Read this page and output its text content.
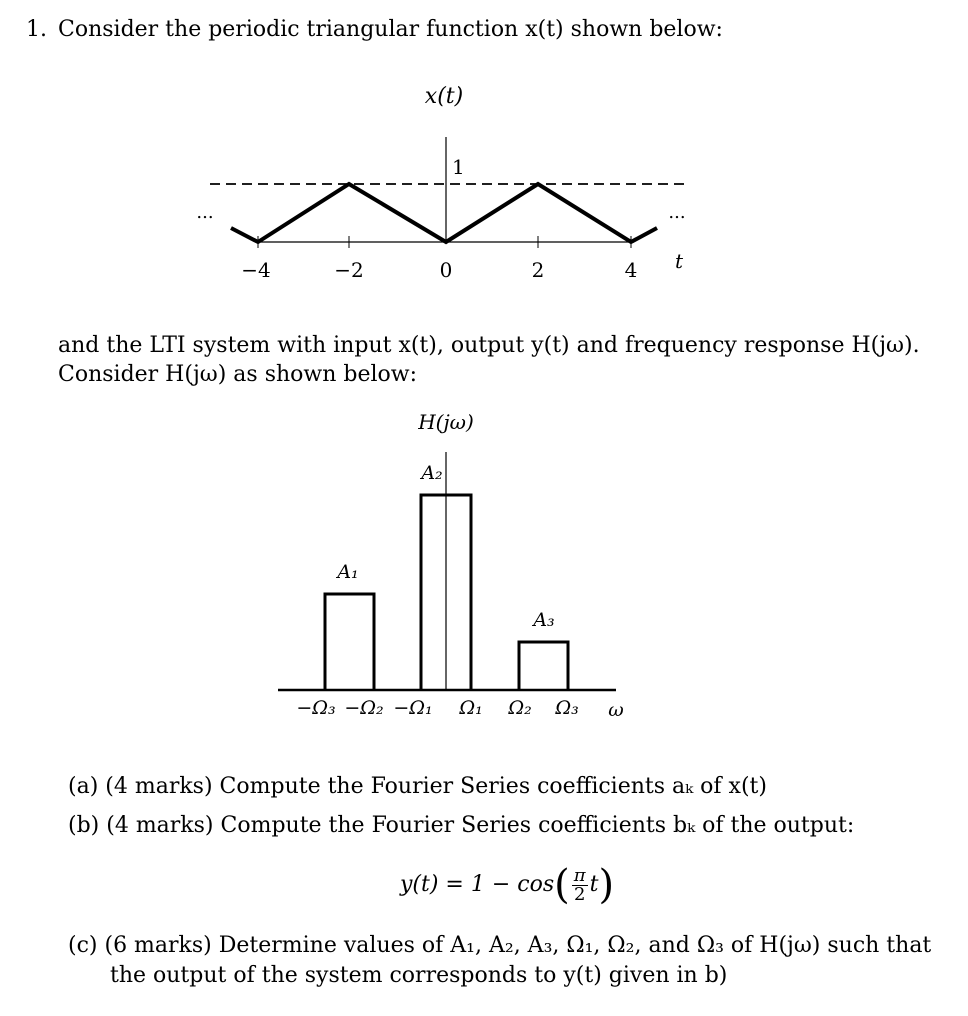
1. Consider the periodic triangular function x(t) shown below:
x(t)
1
...	...
−4	−2	0	2	4 t
and the LTI system with input x(t), output y(t) and frequency response H(jω).
Consider H(jω) as shown below:
H(jω)
A₁
A₂
A₃
−Ω₃ −Ω₂ −Ω₁ Ω₁ Ω₂ Ω₃ ω
(a) (4 marks) Compute the Fourier Series coefficients aₖ of x(t)
(b) (4 marks) Compute the Fourier Series coefficients bₖ of the output:
$y(t) = 1 - \cos( \frac{\pi}{2} t)$
(c) (6 marks) Determine values of A₁, A₂, A₃, Ω₁, Ω₂, and Ω₃ of H(jω) such that
the output of the system corresponds to y(t) given in b)
